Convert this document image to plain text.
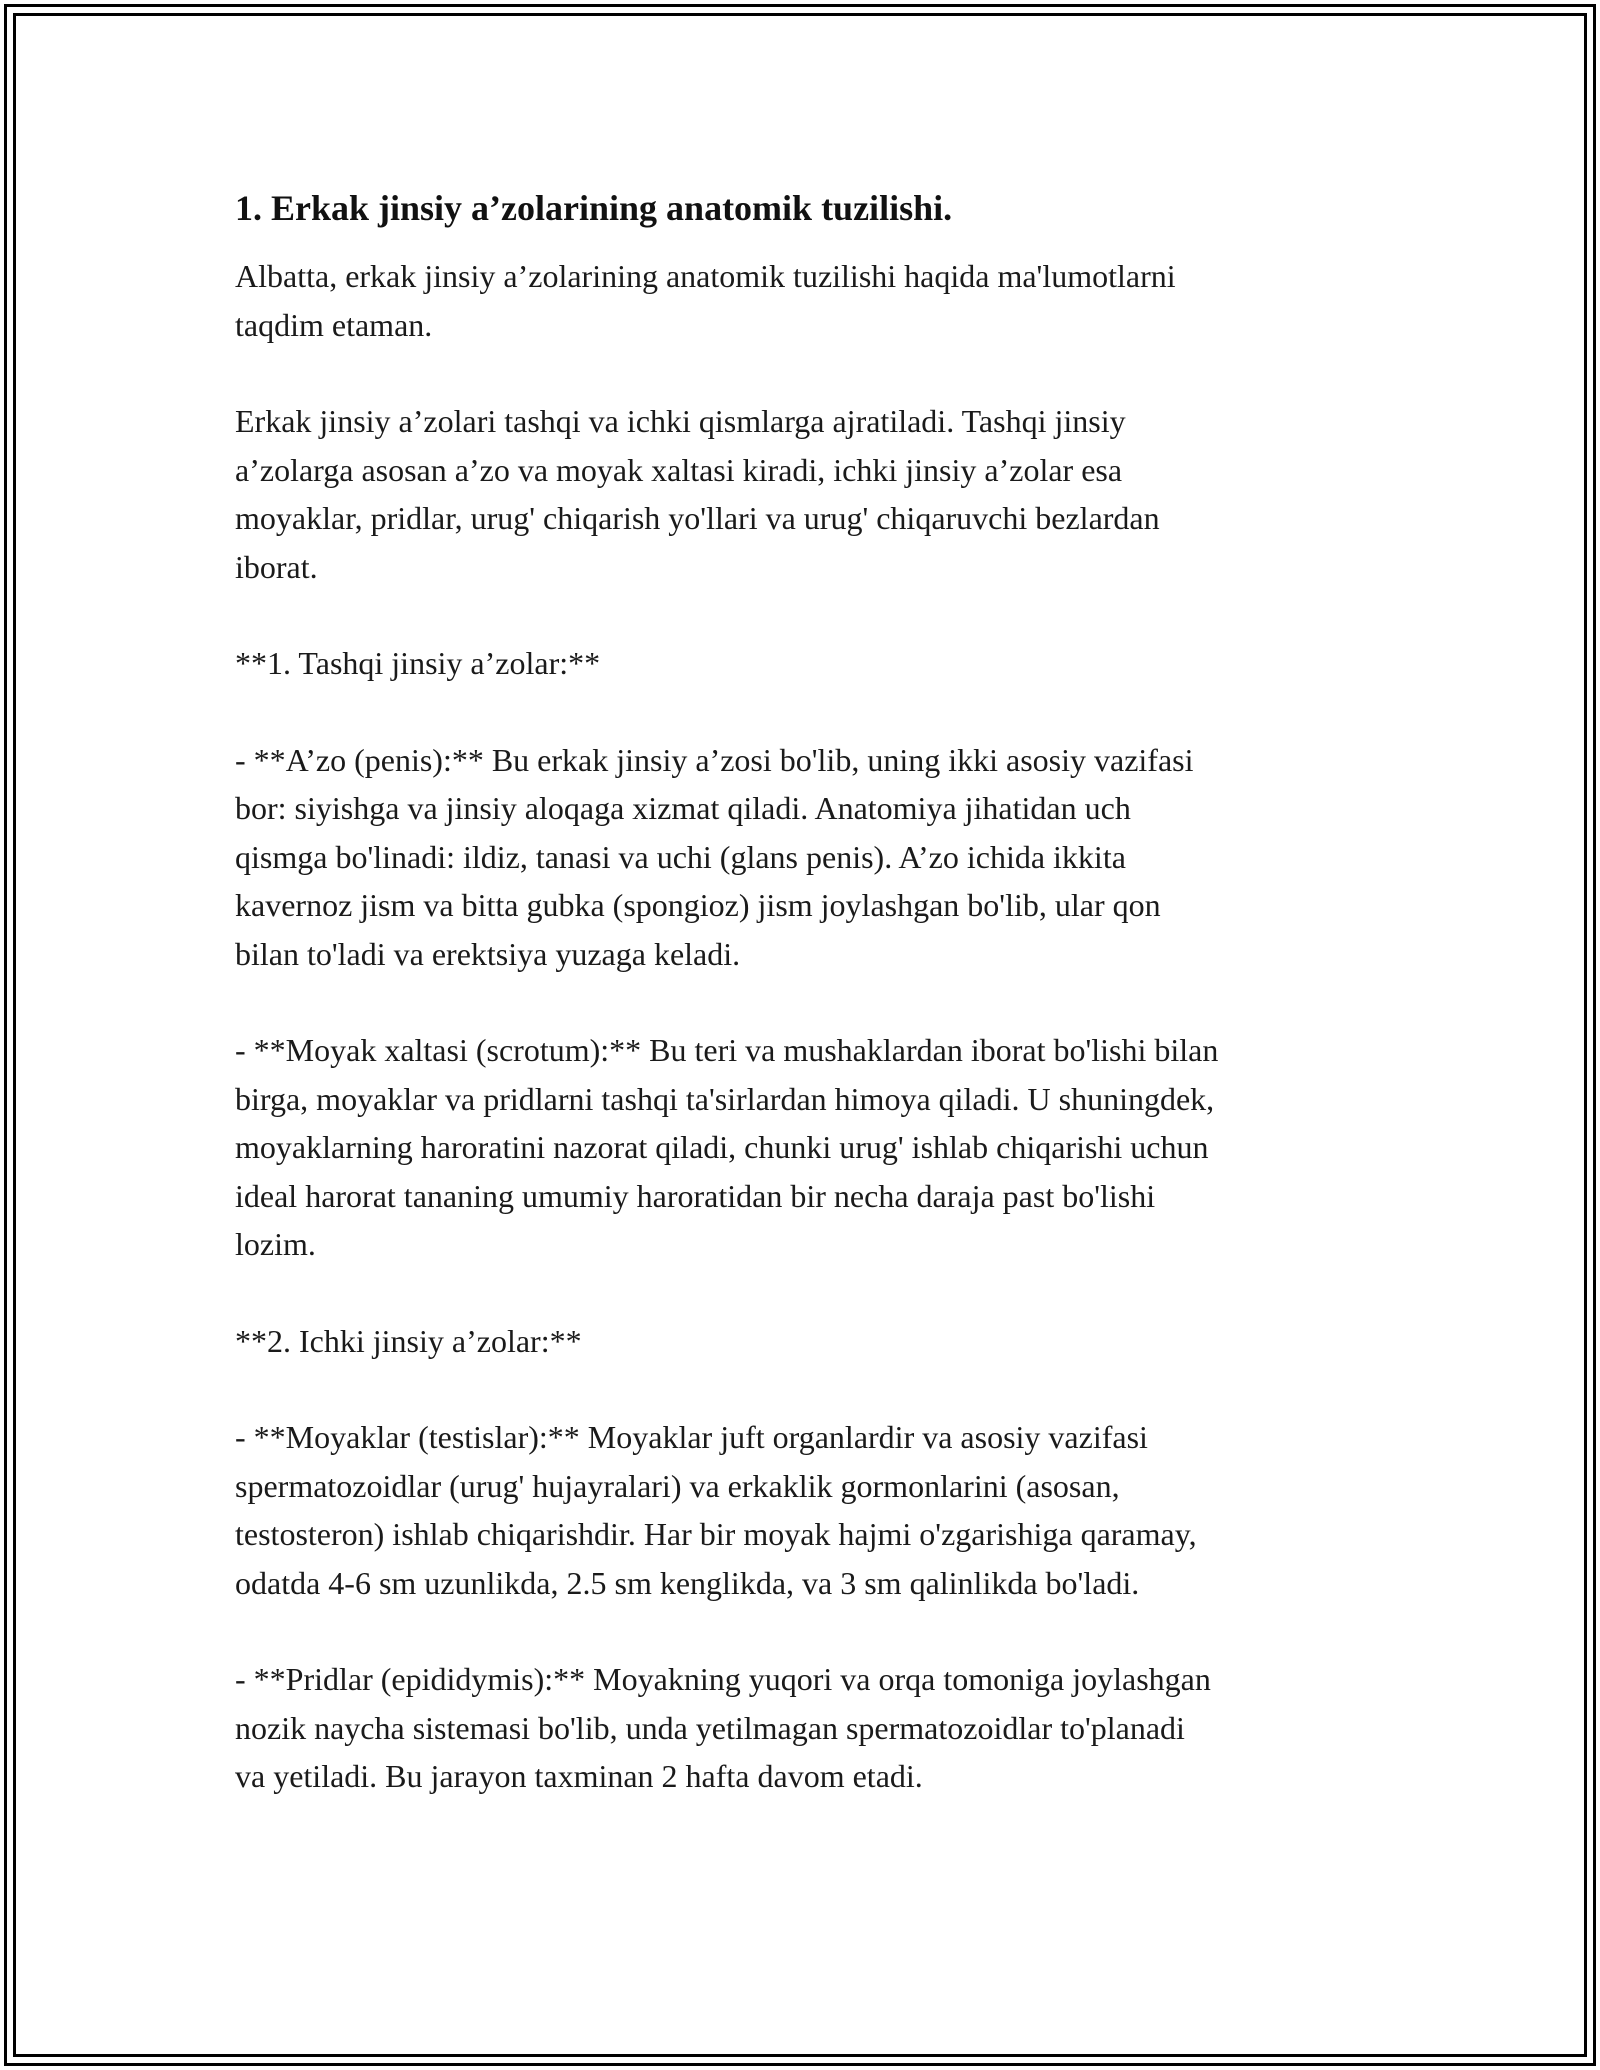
1. Erkak jinsiy a’zolarining anatomik tuzilishi.

Albatta, erkak jinsiy a’zolarining anatomik tuzilishi haqida ma'lumotlarni
taqdim etaman.

Erkak jinsiy a’zolari tashqi va ichki qismlarga ajratiladi. Tashqi jinsiy
a’zolarga asosan a’zo va moyak xaltasi kiradi, ichki jinsiy a’zolar esa
moyaklar, pridlar, urug' chiqarish yo'llari va urug' chiqaruvchi bezlardan
iborat.

**1. Tashqi jinsiy a’zolar:**

- **A’zo (penis):** Bu erkak jinsiy a’zosi bo'lib, uning ikki asosiy vazifasi
bor: siyishga va jinsiy aloqaga xizmat qiladi. Anatomiya jihatidan uch
qismga bo'linadi: ildiz, tanasi va uchi (glans penis). A’zo ichida ikkita
kavernoz jism va bitta gubka (spongioz) jism joylashgan bo'lib, ular qon
bilan to'ladi va erektsiya yuzaga keladi.

- **Moyak xaltasi (scrotum):** Bu teri va mushaklardan iborat bo'lishi bilan
birga, moyaklar va pridlarni tashqi ta'sirlardan himoya qiladi. U shuningdek,
moyaklarning haroratini nazorat qiladi, chunki urug' ishlab chiqarishi uchun
ideal harorat tananing umumiy haroratidan bir necha daraja past bo'lishi
lozim.

**2. Ichki jinsiy a’zolar:**

- **Moyaklar (testislar):** Moyaklar juft organlardir va asosiy vazifasi
spermatozoidlar (urug' hujayralari) va erkaklik gormonlarini (asosan,
testosteron) ishlab chiqarishdir. Har bir moyak hajmi o'zgarishiga qaramay,
odatda 4-6 sm uzunlikda, 2.5 sm kenglikda, va 3 sm qalinlikda bo'ladi.

- **Pridlar (epididymis):** Moyakning yuqori va orqa tomoniga joylashgan
nozik naycha sistemasi bo'lib, unda yetilmagan spermatozoidlar to'planadi
va yetiladi. Bu jarayon taxminan 2 hafta davom etadi.
